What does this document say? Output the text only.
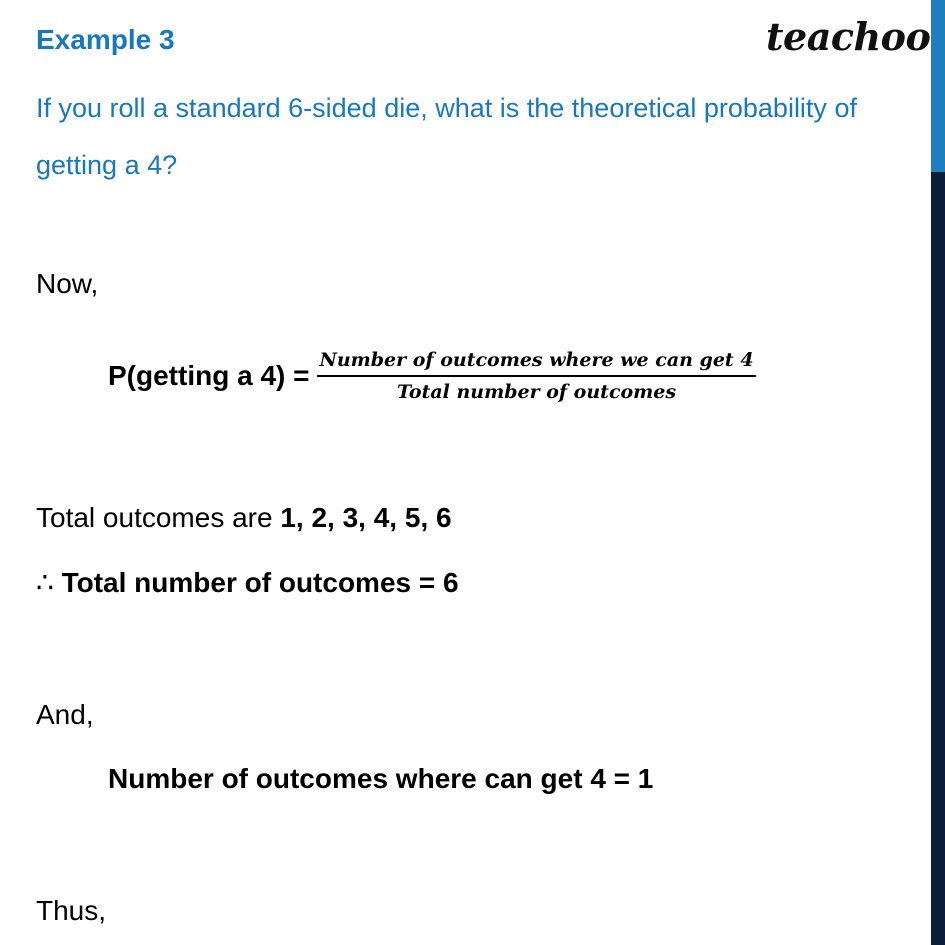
Example 3	teachoo
If you roll a standard 6-sided die, what is the theoretical probability of getting a 4?
Now,
P(getting a $4) = \frac{\text{Number of outcomes where we can get 4}}{\text{Total number of outcomes}}$
Total outcomes are 1, 2, 3, 4, 5, 6
∴ Total number of outcomes = 6
And,
Number of outcomes where can get 4 = 1
Thus,
